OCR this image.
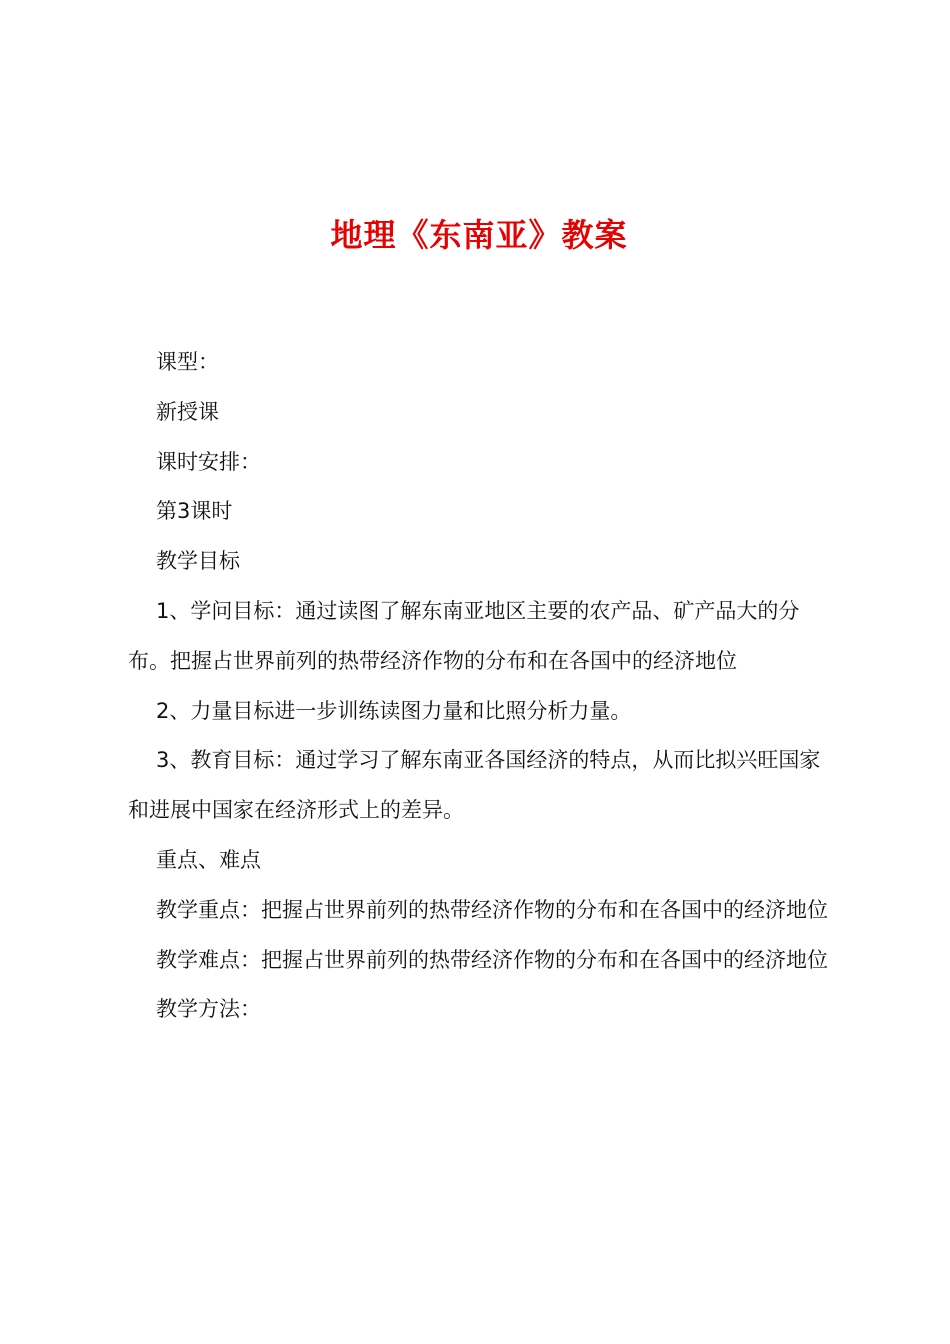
地理《东南亚》教案

课型：

新授课

课时安排：

第3课时

教学目标

1、学问目标：通过读图了解东南亚地区主要的农产品、矿产品大的分布。把握占世界前列的热带经济作物的分布和在各国中的经济地位

2、力量目标进一步训练读图力量和比照分析力量。

3、教育目标：通过学习了解东南亚各国经济的特点，从而比拟兴旺国家和进展中国家在经济形式上的差异。

重点、难点

教学重点：把握占世界前列的热带经济作物的分布和在各国中的经济地位

教学难点：把握占世界前列的热带经济作物的分布和在各国中的经济地位

教学方法：
